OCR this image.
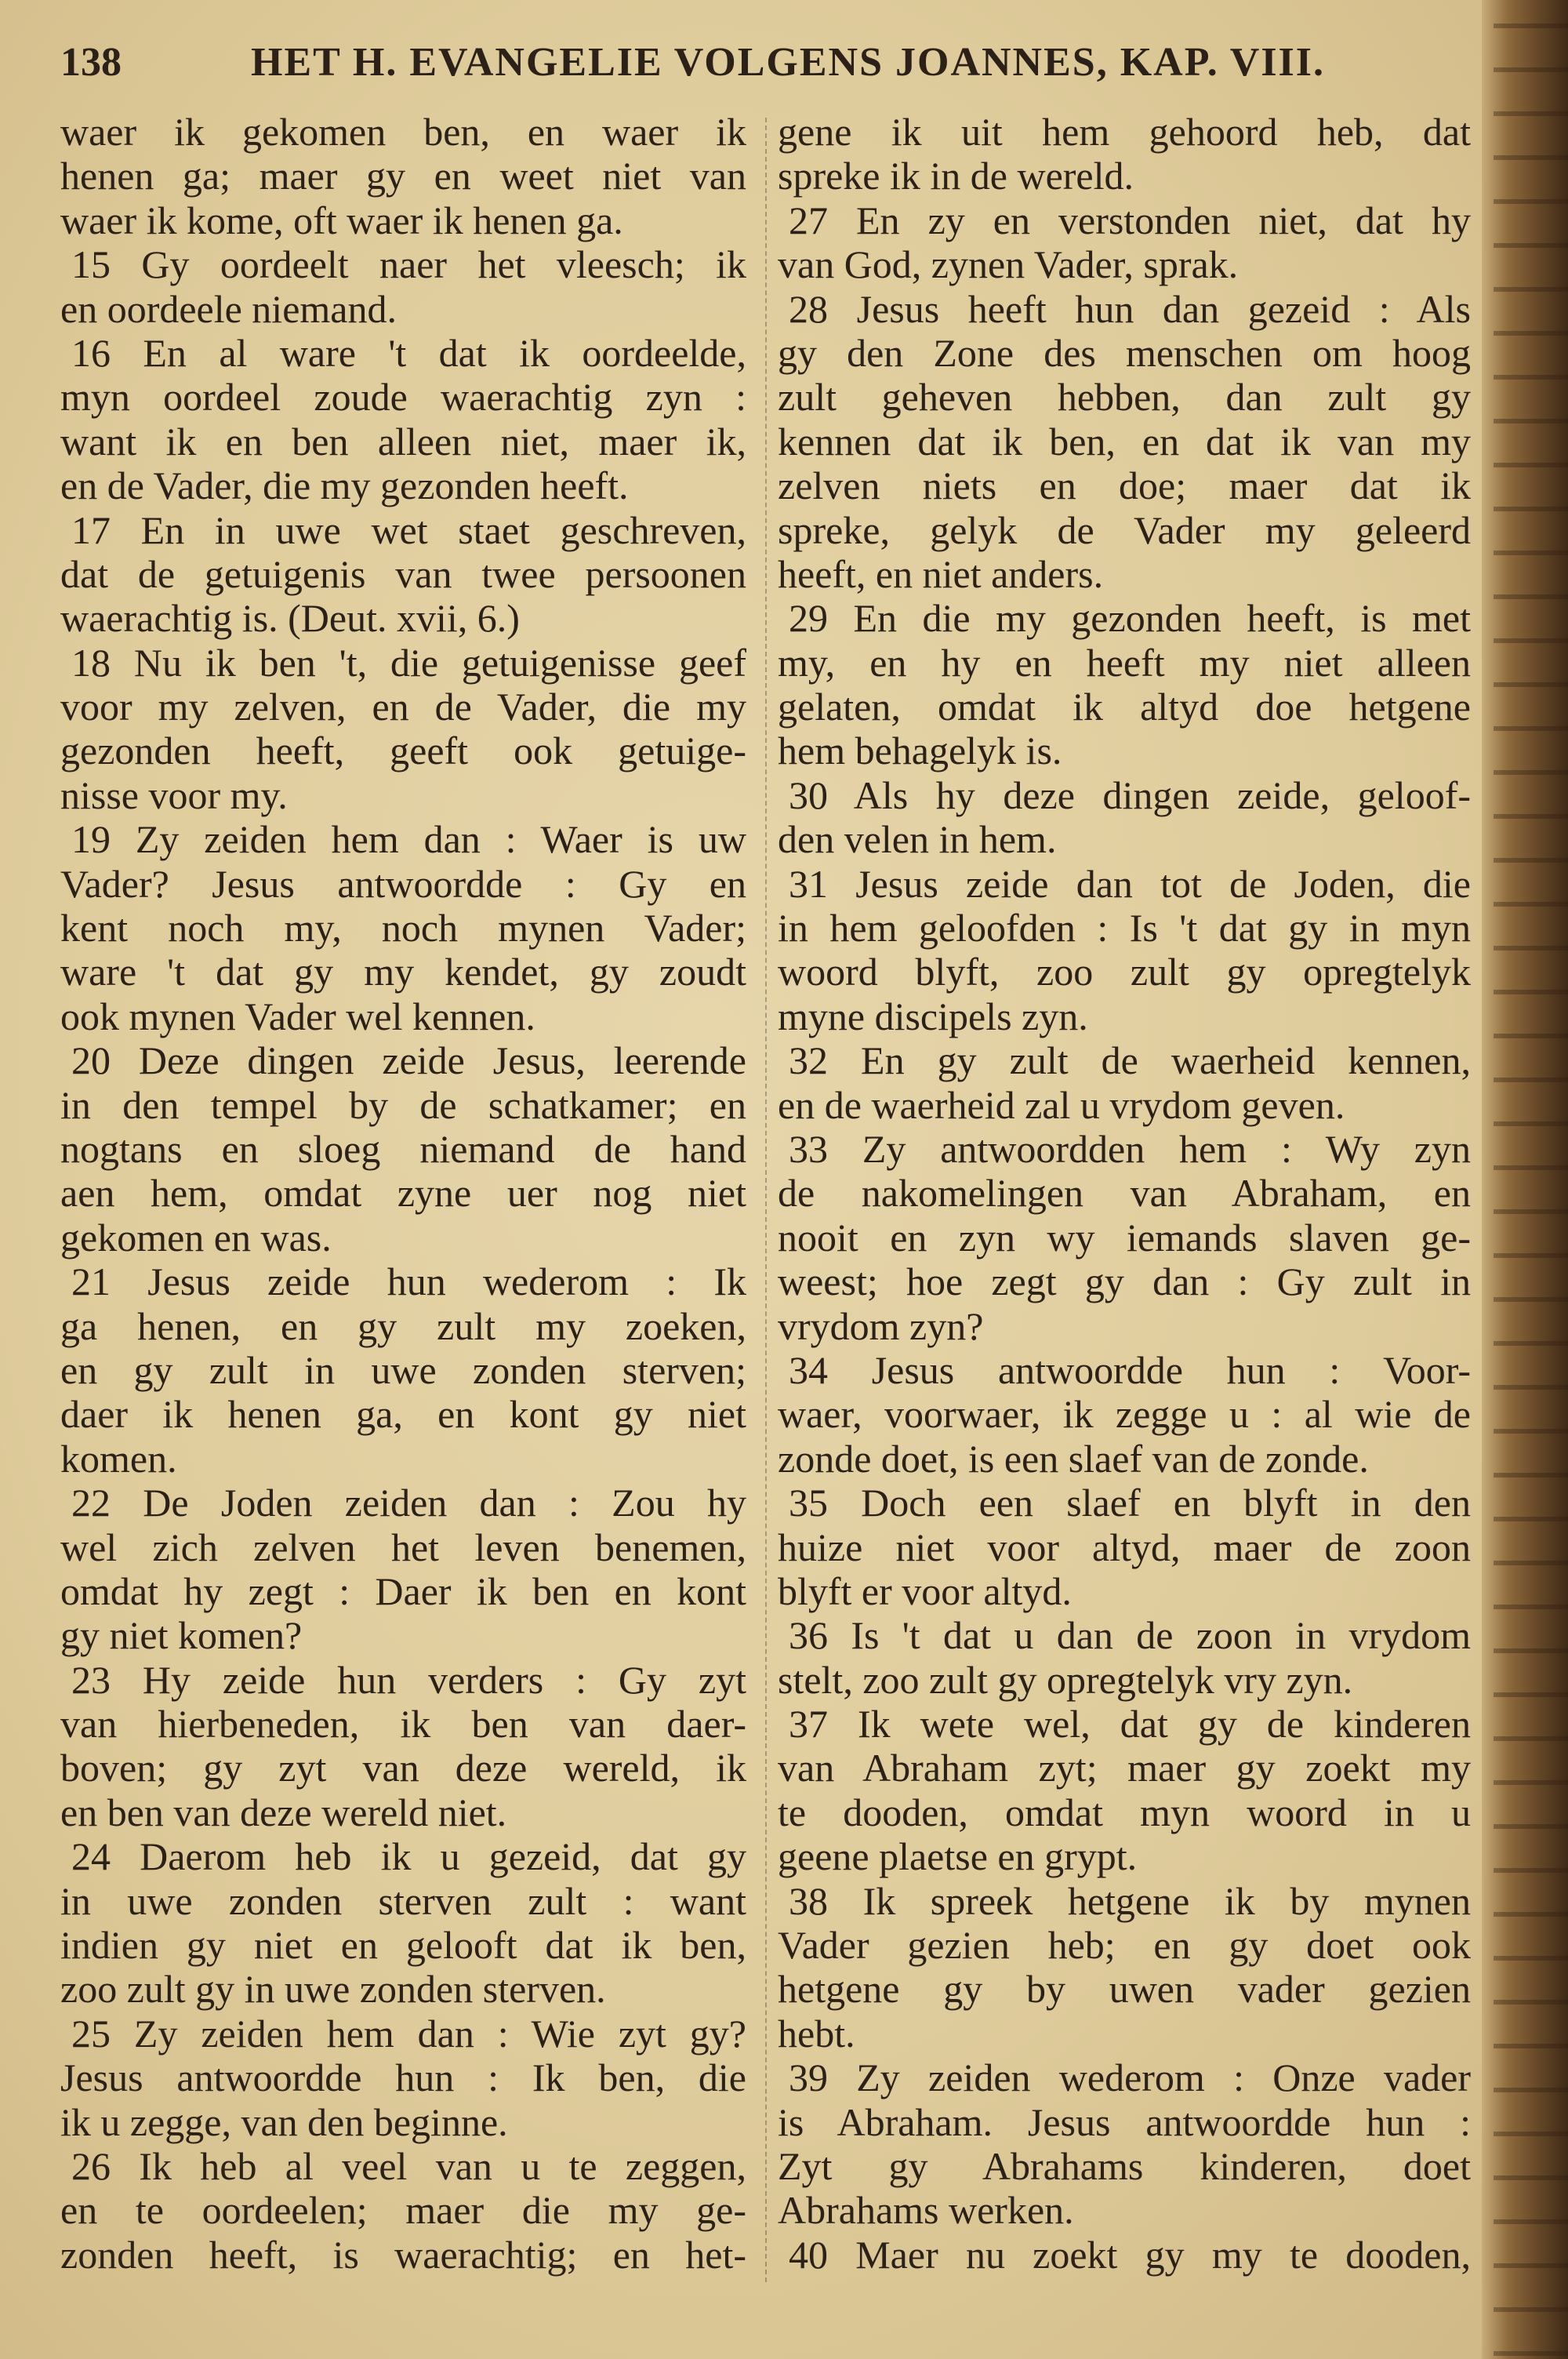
138	HET H. EVANGELIE VOLGENS JOANNES, KAP. VIII.
waer ik gekomen ben, en waer ik
henen ga; maer gy en weet niet van
waer ik kome, oft waer ik henen ga.
15 Gy oordeelt naer het vleesch; ik
en oordeele niemand.
16 En al ware 't dat ik oordeelde,
myn oordeel zoude waerachtig zyn :
want ik en ben alleen niet, maer ik,
en de Vader, die my gezonden heeft.
17 En in uwe wet staet geschreven,
dat de getuigenis van twee persoonen
waerachtig is. (Deut. xvii, 6.)
18 Nu ik ben 't, die getuigenisse geef
voor my zelven, en de Vader, die my
gezonden heeft, geeft ook getuige-
nisse voor my.
19 Zy zeiden hem dan : Waer is uw
Vader? Jesus antwoordde : Gy en
kent noch my, noch mynen Vader;
ware 't dat gy my kendet, gy zoudt
ook mynen Vader wel kennen.
20 Deze dingen zeide Jesus, leerende
in den tempel by de schatkamer; en
nogtans en sloeg niemand de hand
aen hem, omdat zyne uer nog niet
gekomen en was.
21 Jesus zeide hun wederom : Ik
ga henen, en gy zult my zoeken,
en gy zult in uwe zonden sterven;
daer ik henen ga, en kont gy niet
komen.
22 De Joden zeiden dan : Zou hy
wel zich zelven het leven benemen,
omdat hy zegt : Daer ik ben en kont
gy niet komen?
23 Hy zeide hun verders : Gy zyt
van hierbeneden, ik ben van daer-
boven; gy zyt van deze wereld, ik
en ben van deze wereld niet.
24 Daerom heb ik u gezeid, dat gy
in uwe zonden sterven zult : want
indien gy niet en gelooft dat ik ben,
zoo zult gy in uwe zonden sterven.
25 Zy zeiden hem dan : Wie zyt gy?
Jesus antwoordde hun : Ik ben, die
ik u zegge, van den beginne.
26 Ik heb al veel van u te zeggen,
en te oordeelen; maer die my ge-
zonden heeft, is waerachtig; en het-
gene ik uit hem gehoord heb, dat
spreke ik in de wereld.
27 En zy en verstonden niet, dat hy
van God, zynen Vader, sprak.
28 Jesus heeft hun dan gezeid : Als
gy den Zone des menschen om hoog
zult geheven hebben, dan zult gy
kennen dat ik ben, en dat ik van my
zelven niets en doe; maer dat ik
spreke, gelyk de Vader my geleerd
heeft, en niet anders.
29 En die my gezonden heeft, is met
my, en hy en heeft my niet alleen
gelaten, omdat ik altyd doe hetgene
hem behagelyk is.
30 Als hy deze dingen zeide, geloof-
den velen in hem.
31 Jesus zeide dan tot de Joden, die
in hem geloofden : Is 't dat gy in myn
woord blyft, zoo zult gy opregtelyk
myne discipels zyn.
32 En gy zult de waerheid kennen,
en de waerheid zal u vrydom geven.
33 Zy antwoordden hem : Wy zyn
de nakomelingen van Abraham, en
nooit en zyn wy iemands slaven ge-
weest; hoe zegt gy dan : Gy zult in
vrydom zyn?
34 Jesus antwoordde hun : Voor-
waer, voorwaer, ik zegge u : al wie de
zonde doet, is een slaef van de zonde.
35 Doch een slaef en blyft in den
huize niet voor altyd, maer de zoon
blyft er voor altyd.
36 Is 't dat u dan de zoon in vrydom
stelt, zoo zult gy opregtelyk vry zyn.
37 Ik wete wel, dat gy de kinderen
van Abraham zyt; maer gy zoekt my
te dooden, omdat myn woord in u
geene plaetse en grypt.
38 Ik spreek hetgene ik by mynen
Vader gezien heb; en gy doet ook
hetgene gy by uwen vader gezien
hebt.
39 Zy zeiden wederom : Onze vader
is Abraham. Jesus antwoordde hun :
Zyt gy Abrahams kinderen, doet
Abrahams werken.
40 Maer nu zoekt gy my te dooden,
